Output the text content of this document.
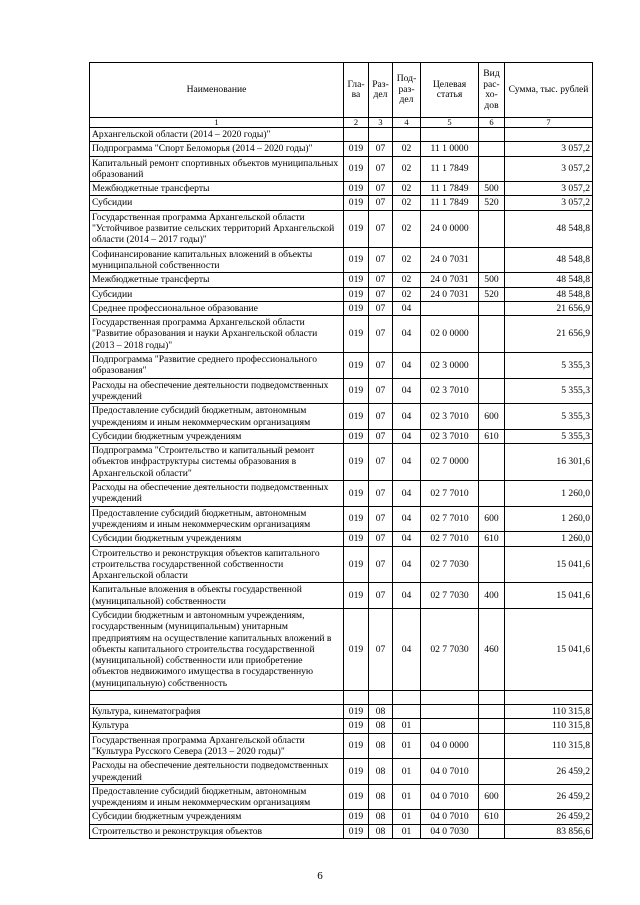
Наименование	Гла-ва	Раз-дел	Под-раз-дел	Целевая статья	Вид рас-хо-дов	Сумма, тыс. рублей
1	2	3	4	5	6	7
Архангельской области (2014 – 2020 годы)"						
Подпрограмма "Спорт Беломорья (2014 – 2020 годы)"	019	07	02	11 1 0000		3 057,2
Капитальный ремонт спортивных объектов муниципальных образований	019	07	02	11 1 7849		3 057,2
Межбюджетные трансферты	019	07	02	11 1 7849	500	3 057,2
Субсидии	019	07	02	11 1 7849	520	3 057,2
Государственная программа Архангельской области "Устойчивое развитие сельских территорий Архангельской области (2014 – 2017 годы)"	019	07	02	24 0 0000		48 548,8
Софинансирование капитальных вложений в объекты муниципальной собственности	019	07	02	24 0 7031		48 548,8
Межбюджетные трансферты	019	07	02	24 0 7031	500	48 548,8
Субсидии	019	07	02	24 0 7031	520	48 548,8
Среднее профессиональное образование	019	07	04			21 656,9
Государственная программа Архангельской области "Развитие образования и науки Архангельской области (2013 – 2018 годы)"	019	07	04	02 0 0000		21 656,9
Подпрограмма "Развитие среднего профессионального образования"	019	07	04	02 3 0000		5 355,3
Расходы на обеспечение деятельности подведомственных учреждений	019	07	04	02 3 7010		5 355,3
Предоставление субсидий бюджетным, автономным учреждениям и иным некоммерческим организациям	019	07	04	02 3 7010	600	5 355,3
Субсидии бюджетным учреждениям	019	07	04	02 3 7010	610	5 355,3
Подпрограмма "Строительство и капитальный ремонт объектов инфраструктуры системы образования в Архангельской области"	019	07	04	02 7 0000		16 301,6
Расходы на обеспечение деятельности подведомственных учреждений	019	07	04	02 7 7010		1 260,0
Предоставление субсидий бюджетным, автономным учреждениям и иным некоммерческим организациям	019	07	04	02 7 7010	600	1 260,0
Субсидии бюджетным учреждениям	019	07	04	02 7 7010	610	1 260,0
Строительство и реконструкция объектов капитального строительства государственной собственности Архангельской области	019	07	04	02 7 7030		15 041,6
Капитальные вложения в объекты государственной (муниципальной) собственности	019	07	04	02 7 7030	400	15 041,6
Субсидии бюджетным и автономным учреждениям, государственным (муниципальным) унитарным предприятиям на осуществление капитальных вложений в объекты капитального строительства государственной (муниципальной) собственности или приобретение объектов недвижимого имущества в государственную (муниципальную) собственность	019	07	04	02 7 7030	460	15 041,6

Культура, кинематография	019	08				110 315,8
Культура	019	08	01			110 315,8
Государственная программа Архангельской области "Культура Русского Севера (2013 – 2020 годы)"	019	08	01	04 0 0000		110 315,8
Расходы на обеспечение деятельности подведомственных учреждений	019	08	01	04 0 7010		26 459,2
Предоставление субсидий бюджетным, автономным учреждениям и иным некоммерческим организациям	019	08	01	04 0 7010	600	26 459,2
Субсидии бюджетным учреждениям	019	08	01	04 0 7010	610	26 459,2
Строительство и реконструкция объектов	019	08	01	04 0 7030		83 856,6
6
